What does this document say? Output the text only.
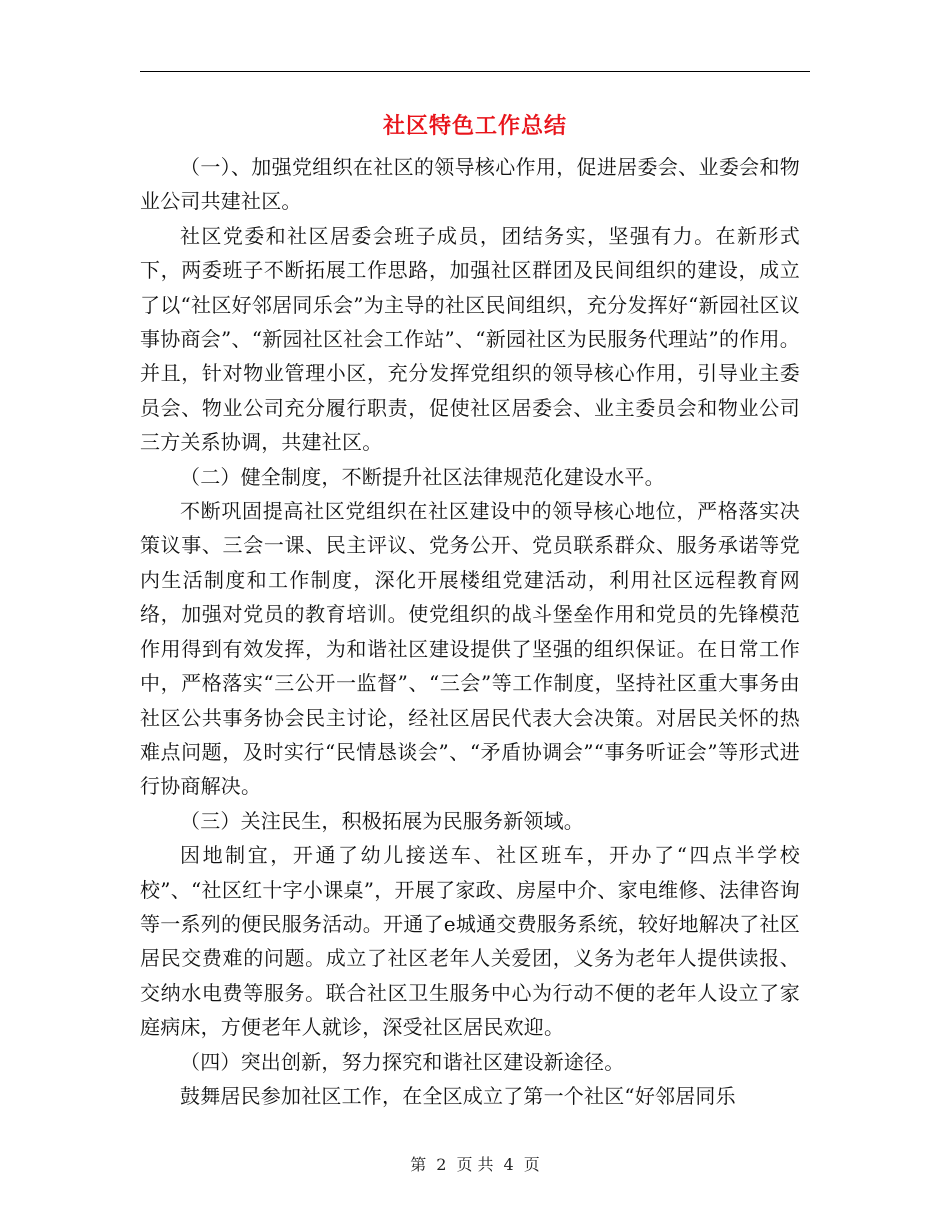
社区特色工作总结

（一）、加强党组织在社区的领导核心作用，促进居委会、业委会和物业公司共建社区。

社区党委和社区居委会班子成员，团结务实，坚强有力。在新形式下，两委班子不断拓展工作思路，加强社区群团及民间组织的建设，成立了以“社区好邻居同乐会”为主导的社区民间组织，充分发挥好“新园社区议事协商会”、“新园社区社会工作站”、“新园社区为民服务代理站”的作用。并且，针对物业管理小区，充分发挥党组织的领导核心作用，引导业主委员会、物业公司充分履行职责，促使社区居委会、业主委员会和物业公司三方关系协调，共建社区。

（二）健全制度，不断提升社区法律规范化建设水平。

不断巩固提高社区党组织在社区建设中的领导核心地位，严格落实决策议事、三会一课、民主评议、党务公开、党员联系群众、服务承诺等党内生活制度和工作制度，深化开展楼组党建活动，利用社区远程教育网络，加强对党员的教育培训。使党组织的战斗堡垒作用和党员的先锋模范作用得到有效发挥，为和谐社区建设提供了坚强的组织保证。在日常工作中，严格落实“三公开一监督”、“三会”等工作制度，坚持社区重大事务由社区公共事务协会民主讨论，经社区居民代表大会决策。对居民关怀的热难点问题，及时实行“民情恳谈会”、“矛盾协调会”“事务听证会”等形式进行协商解决。

（三）关注民生，积极拓展为民服务新领域。

因地制宜，开通了幼儿接送车、社区班车，开办了“四点半学校校”、“社区红十字小课桌”，开展了家政、房屋中介、家电维修、法律咨询等一系列的便民服务活动。开通了e城通交费服务系统，较好地解决了社区居民交费难的问题。成立了社区老年人关爱团，义务为老年人提供读报、交纳水电费等服务。联合社区卫生服务中心为行动不便的老年人设立了家庭病床，方便老年人就诊，深受社区居民欢迎。

（四）突出创新，努力探究和谐社区建设新途径。

鼓舞居民参加社区工作，在全区成立了第一个社区“好邻居同乐

第 2 页 共 4 页
